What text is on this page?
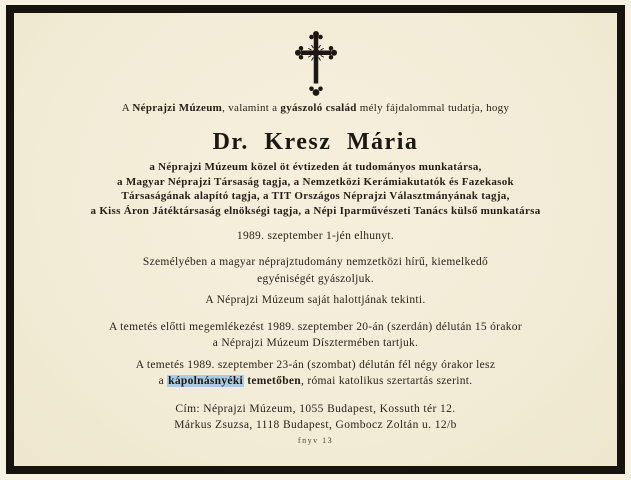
A Néprajzi Múzeum, valamint a gyászoló család mély fájdalommal tudatja, hogy

Dr. Kresz Mária
a Néprajzi Múzeum közel öt évtizeden át tudományos munkatársa,
a Magyar Néprajzi Társaság tagja, a Nemzetközi Kerámiakutatók és Fazekasok
Társaságának alapító tagja, a TIT Országos Néprajzi Választmányának tagja,
a Kiss Áron Játéktársaság elnökségi tagja, a Népi Iparművészeti Tanács külső munkatársa

1989. szeptember 1-jén elhunyt.

Személyében a magyar néprajztudomány nemzetközi hírű, kiemelkedő
egyéniségét gyászoljuk.

A Néprajzi Múzeum saját halottjának tekinti.

A temetés előtti megemlékezést 1989. szeptember 20-án (szerdán) délután 15 órakor
a Néprajzi Múzeum Dísztermében tartjuk.

A temetés 1989. szeptember 23-án (szombat) délután fél négy órakor lesz
a kápolnásnyéki temetőben, római katolikus szertartás szerint.

Cím: Néprajzi Múzeum, 1055 Budapest, Kossuth tér 12.
Márkus Zsuzsa, 1118 Budapest, Gombocz Zoltán u. 12/b
fnyv 13
